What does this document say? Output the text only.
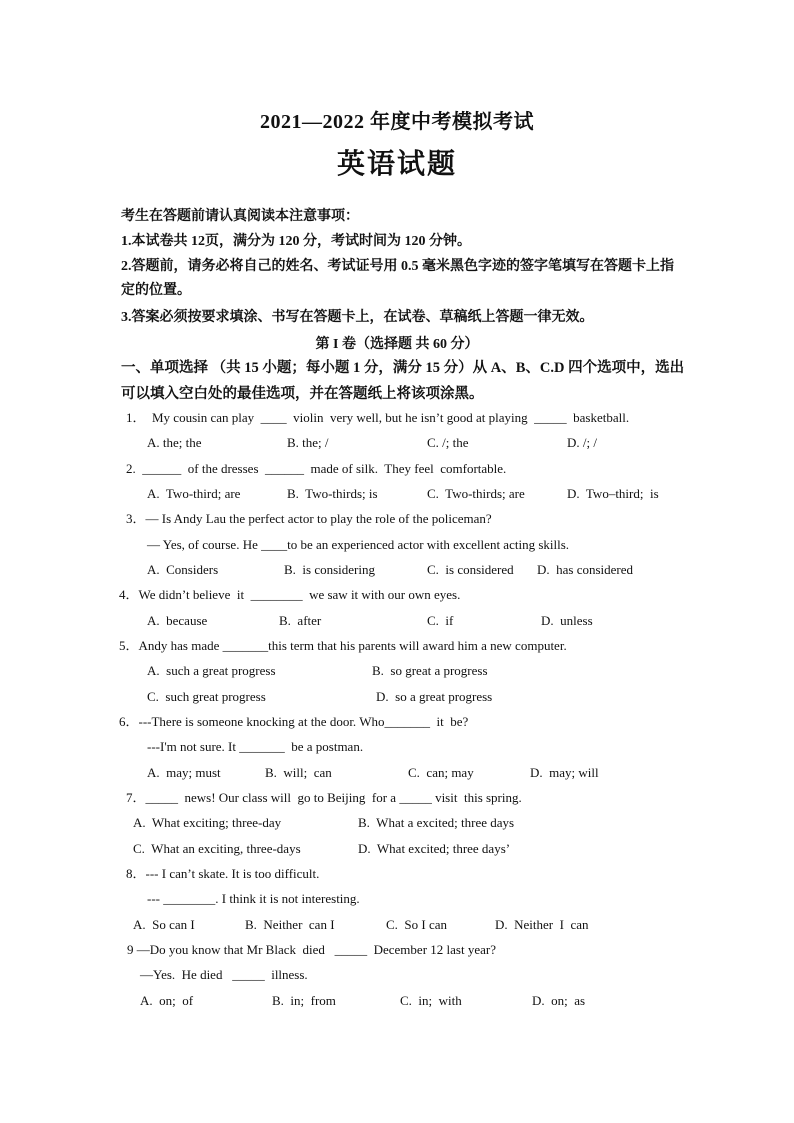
2021—2022 年度中考模拟考试
英语试题
考生在答题前请认真阅读本注意事项：
1.本试卷共 12页，满分为 120 分，考试时间为 120 分钟。
2.答题前，请务必将自己的姓名、考试证号用 0.5 毫米黑色字迹的签字笔填写在答题卡上指定的位置。
3.答案必须按要求填涂、书写在答题卡上，在试卷、草稿纸上答题一律无效。
第 I 卷（选择题 共 60 分）
一、单项选择 （共 15 小题；每小题 1 分，满分 15 分）从 A、B、C.D 四个选项中，选出可以填入空白处的最佳选项，并在答题纸上将该项涂黑。
1．  My cousin can play  ____  violin  very well, but he isn’t good at playing  _____  basketball.
A. the; the	B. the; /	C. /; the	D. /; /
2.  ______  of the dresses  ______  made of silk.  They feel  comfortable.
A.  Two-third; are	B.  Two-thirds; is	C.  Two-thirds; are	D.  Two–third;  is
3．— Is Andy Lau the perfect actor to play the role of the policeman?
— Yes, of course. He ____to be an experienced actor with excellent acting skills.
A.  Considers	B.  is considering	C.  is considered D.  has considered
4．We didn’t believe  it  ________  we saw it with our own eyes.
A.  because	B.  after	C.  if	D.  unless
5．Andy has made _______this term that his parents will award him a new computer.
A.  such a great progress	B.  so great a progress
C.  such great progress	D.  so a great progress
6．---There is someone knocking at the door. Who_______  it  be?
---I'm not sure. It _______  be a postman.
A.  may; must	B.  will;  can	C.  can; may	D.  may; will
7．_____  news! Our class will  go to Beijing  for a _____ visit  this spring.
A.  What exciting; three-day	B.  What a excited; three days
C.  What an exciting, three-days	D.  What excited; three days’
8．--- I can’t skate. It is too difficult.
--- ________. I think it is not interesting.
A.  So can I	B.  Neither  can I	C.  So I can	D.  Neither  I  can
9 —Do you know that Mr Black  died   _____  December 12 last year?
—Yes.  He died   _____  illness.
A.  on;  of	B.  in;  from	C.  in;  with	D.  on;  as
